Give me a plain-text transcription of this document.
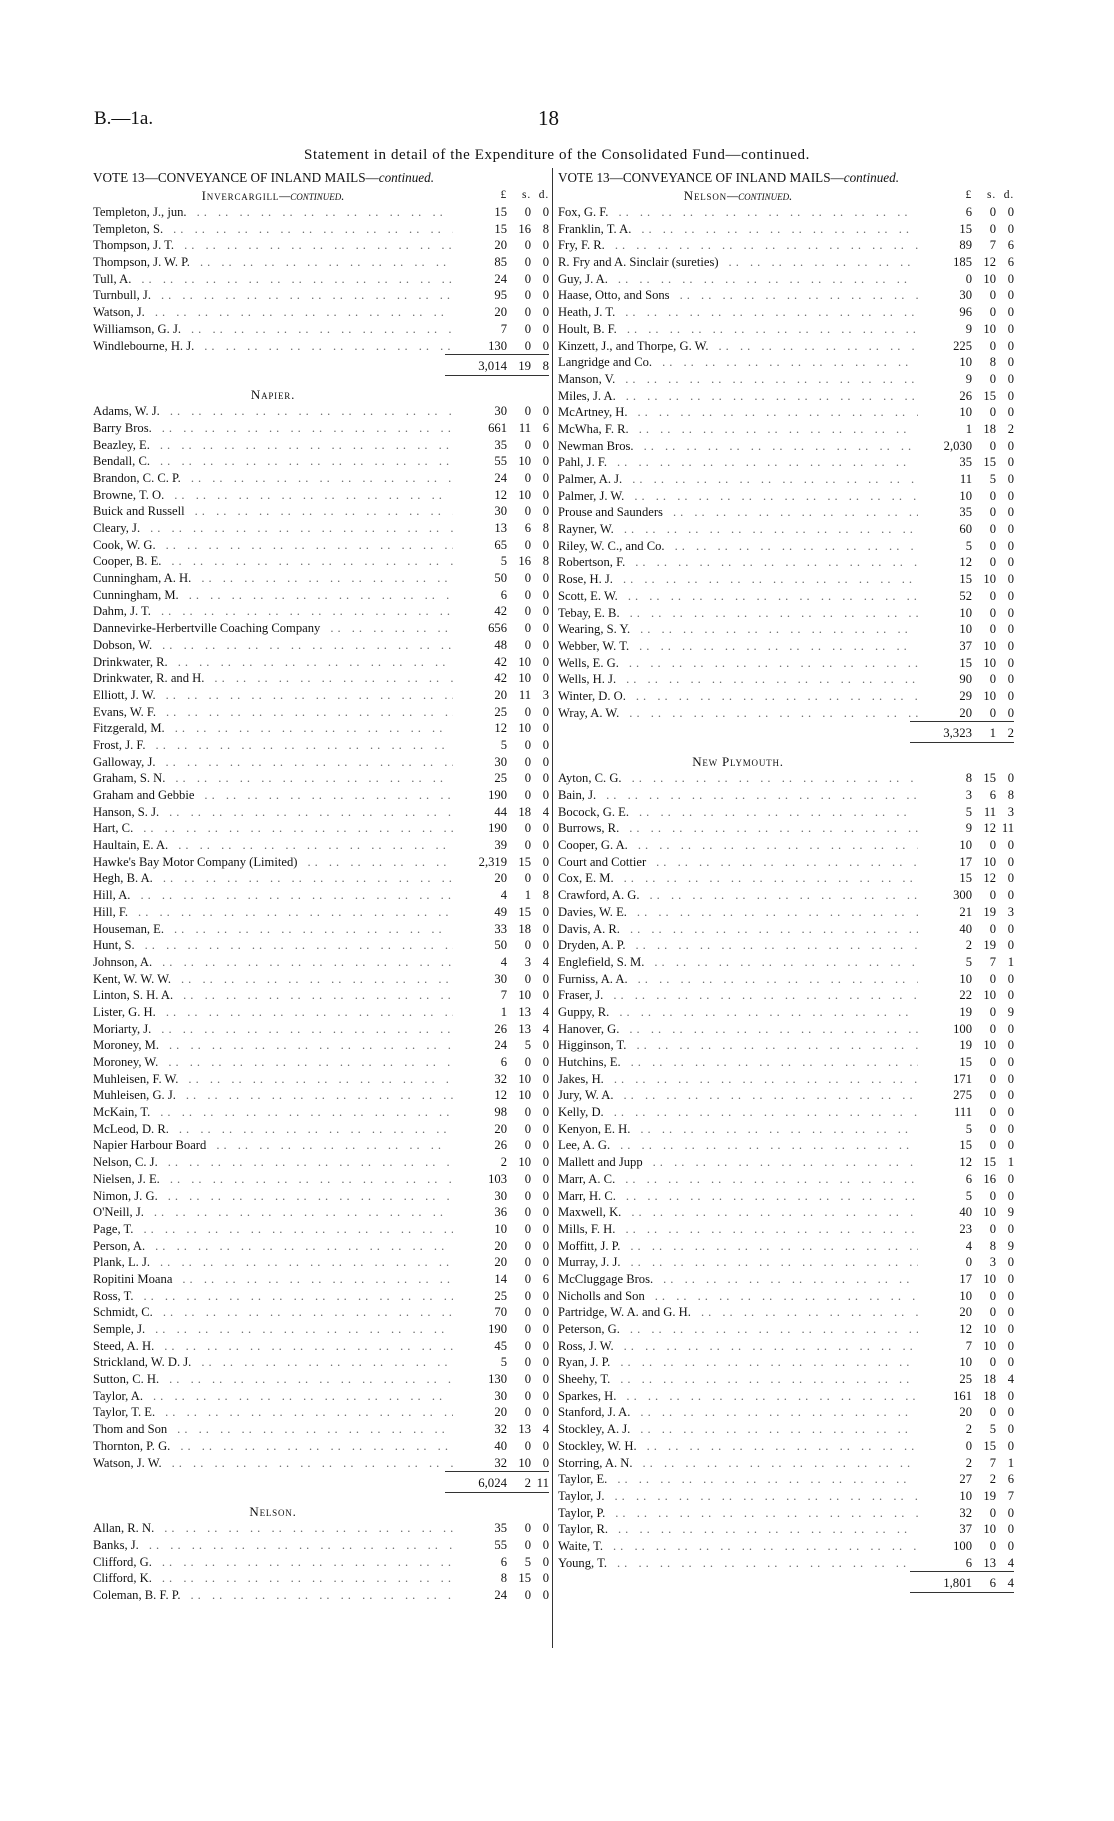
B.—1a.	18
Statement in detail of the Expenditure of the Consolidated Fund—continued.
VOTE 13—CONVEYANCE OF INLAND MAILS—continued.
Invercargill—continued.	£	s. d.
Templeton, J., jun. .. ..	15	0 0
Templeton, S. .. ..	15 16 8
Thompson, J. T. .. ..	20	0 0
Thompson, J. W. P. .. ..	85	0 0
Tull, A. .. ..	24	0 0
Turnbull, J. .. ..	95	0 0
Watson, J. .. ..	20	0 0
Williamson, G. J. .. ..	7	0 0
Windlebourne, H. J. .. ..	130	0 0
3,014 19 8
Napier.
Adams, W. J. .. ..	30	0 0
Barry Bros. .. ..	661 11 6
Beazley, E. .. ..	35	0 0
Bendall, C. .. ..	55 10 0
Brandon, C. C. P. .. ..	24	0 0
Browne, T. O. .. ..	12 10 0
Buick and Russell .. ..	30	0 0
Cleary, J. .. ..	13	6 8
Cook, W. G. .. ..	65	0 0
Cooper, B. E. .. ..	5 16 8
Cunningham, A. H. .. ..	50	0 0
Cunningham, M. .. ..	6	0 0
Dahm, J. T. .. ..	42	0 0
Dannevirke-Herbertville Coaching Company .. ..	656	0 0
Dobson, W. .. ..	48	0 0
Drinkwater, R. .. ..	42 10 0
Drinkwater, R. and H. .. ..	42 10 0
Elliott, J. W. .. ..	20 11 3
Evans, W. F. .. ..	25	0 0
Fitzgerald, M. .. ..	12 10 0
Frost, J. F. .. ..	5	0 0
Galloway, J. .. ..	30	0 0
Graham, S. N. .. ..	25	0 0
Graham and Gebbie .. ..	190	0 0
Hanson, S. J. .. ..	44 18 4
Hart, C. .. ..	190	0 0
Haultain, E. A. .. ..	39	0 0
Hawke's Bay Motor Company (Limited) .. ..	2,319 15 0
Hegh, B. A. .. ..	20	0 0
Hill, A. .. ..	4	1 8
Hill, F. .. ..	49 15 0
Houseman, E. .. ..	33 18 0
Hunt, S. .. ..	50	0 0
Johnson, A. .. ..	4	3 4
Kent, W. W. W. .. ..	30	0 0
Linton, S. H. A. .. ..	7 10 0
Lister, G. H. .. ..	1 13 4
Moriarty, J. .. ..	26 13 4
Moroney, M. .. ..	24	5 0
Moroney, W. .. ..	6	0 0
Muhleisen, F. W. .. ..	32 10 0
Muhleisen, G. J. .. ..	12 10 0
McKain, T. .. ..	98	0 0
McLeod, D. R. .. ..	20	0 0
Napier Harbour Board .. ..	26	0 0
Nelson, C. J. .. ..	2 10 0
Nielsen, J. E. .. ..	103	0 0
Nimon, J. G. .. ..	30	0 0
O'Neill, J. .. ..	36	0 0
Page, T. .. ..	10	0 0
Person, A. .. ..	20	0 0
Plank, L. J. .. ..	20	0 0
Ropitini Moana .. ..	14	0 6
Ross, T. .. ..	25	0 0
Schmidt, C. .. ..	70	0 0
Semple, J. .. ..	190	0 0
Steed, A. H. .. ..	45	0 0
Strickland, W. D. J. .. ..	5	0 0
Sutton, C. H. .. ..	130	0 0
Taylor, A. .. ..	30	0 0
Taylor, T. E. .. ..	20	0 0
Thom and Son .. ..	32 13 4
Thornton, P. G. .. ..	40	0 0
Watson, J. W. .. ..	32 10 0
6,024	2 11
Nelson.
Allan, R. N. .. ..	35	0 0
Banks, J. .. ..	55	0 0
Clifford, G. .. ..	6	5 0
Clifford, K. .. ..	8 15 0
Coleman, B. F. P. .. ..	24	0 0
VOTE 13—CONVEYANCE OF INLAND MAILS—continued.
Nelson—continued.	£	s. d.
Fox, G. F. .. ..	6	0 0
Franklin, T. A. .. ..	15	0 0
Fry, F. R. .. ..	89	7 6
R. Fry and A. Sinclair (sureties) .. ..	185 12 6
Guy, J. A. .. ..	0 10 0
Haase, Otto, and Sons .. ..	30	0 0
Heath, J. T. .. ..	96	0 0
Hoult, B. F. .. ..	9 10 0
Kinzett, J., and Thorpe, G. W. .. ..	225	0 0
Langridge and Co. .. ..	10	8 0
Manson, V. .. ..	9	0 0
Miles, J. A. .. ..	26 15 0
McArtney, H. .. ..	10	0 0
McWha, F. R. .. ..	1 18 2
Newman Bros. .. ..	2,030	0 0
Pahl, J. F. .. ..	35 15 0
Palmer, A. J. .. ..	11	5 0
Palmer, J. W. .. ..	10	0 0
Prouse and Saunders .. ..	35	0 0
Rayner, W. .. ..	60	0 0
Riley, W. C., and Co. .. ..	5	0 0
Robertson, F. .. ..	12	0 0
Rose, H. J. .. ..	15 10 0
Scott, E. W. .. ..	52	0 0
Tebay, E. B. .. ..	10	0 0
Wearing, S. Y. .. ..	10	0 0
Webber, W. T. .. ..	37 10 0
Wells, E. G. .. ..	15 10 0
Wells, H. J. .. ..	90	0 0
Winter, D. O. .. ..	29 10 0
Wray, A. W. .. ..	20	0 0
3,323	1 2
New Plymouth.
Ayton, C. G. .. ..	8 15 0
Bain, J. .. ..	3	6 8
Bocock, G. E. .. ..	5 11 3
Burrows, R. .. ..	9 12 11
Cooper, G. A. .. ..	10	0 0
Court and Cottier .. ..	17 10 0
Cox, E. M. .. ..	15 12 0
Crawford, A. G. .. ..	300	0 0
Davies, W. E. .. ..	21 19 3
Davis, A. R. .. ..	40	0 0
Dryden, A. P. .. ..	2 19 0
Englefield, S. M. .. ..	5	7 1
Furniss, A. A. .. ..	10	0 0
Fraser, J. .. ..	22 10 0
Guppy, R. .. ..	19	0 9
Hanover, G. .. ..	100	0 0
Higginson, T. .. ..	19 10 0
Hutchins, E. .. ..	15	0 0
Jakes, H. .. ..	171	0 0
Jury, W. A. .. ..	275	0 0
Kelly, D. .. ..	111	0 0
Kenyon, E. H. .. ..	5	0 0
Lee, A. G. .. ..	15	0 0
Mallett and Jupp .. ..	12 15 1
Marr, A. C. .. ..	6 16 0
Marr, H. C. .. ..	5	0 0
Maxwell, K. .. ..	40 10 9
Mills, F. H. .. ..	23	0 0
Moffitt, J. P. .. ..	4	8 9
Murray, J. J. .. ..	0	3 0
McCluggage Bros. .. ..	17 10 0
Nicholls and Son .. ..	10	0 0
Partridge, W. A. and G. H. .. ..	20	0 0
Peterson, G. .. ..	12 10 0
Ross, J. W. .. ..	7 10 0
Ryan, J. P. .. ..	10	0 0
Sheehy, T. .. ..	25 18 4
Sparkes, H. .. ..	161 18 0
Stanford, J. A. .. ..	20	0 0
Stockley, A. J. .. ..	2	5 0
Stockley, W. H. .. ..	0 15 0
Storring, A. N. .. ..	2	7 1
Taylor, E. .. ..	27	2 6
Taylor, J. .. ..	10 19 7
Taylor, P. .. ..	32	0 0
Taylor, R. .. ..	37 10 0
Waite, T. .. ..	100	0 0
Young, T. .. ..	6 13 4
1,801	6 4
